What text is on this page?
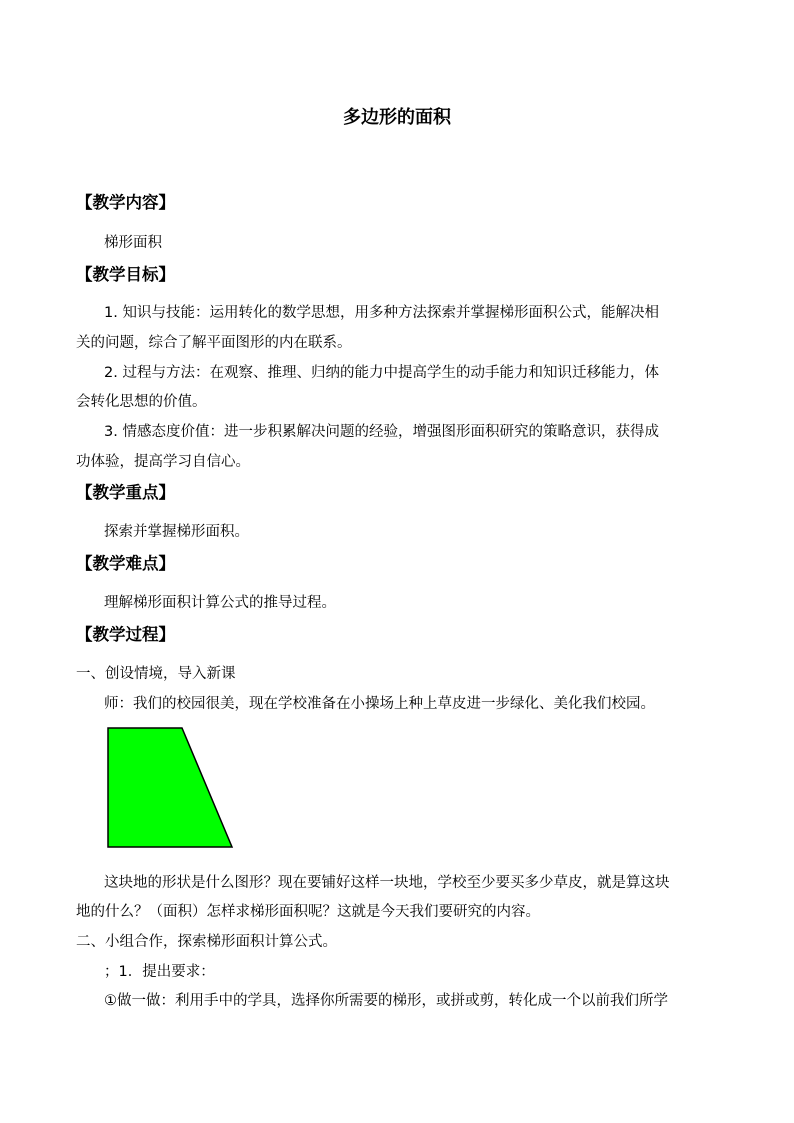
多边形的面积
【教学内容】
梯形面积
【教学目标】
1. 知识与技能：运用转化的数学思想，用多种方法探索并掌握梯形面积公式，能解决相
关的问题，综合了解平面图形的内在联系。
2. 过程与方法：在观察、推理、归纳的能力中提高学生的动手能力和知识迁移能力，体
会转化思想的价值。
3. 情感态度价值：进一步积累解决问题的经验，增强图形面积研究的策略意识，获得成
功体验，提高学习自信心。
【教学重点】
探索并掌握梯形面积。
【教学难点】
理解梯形面积计算公式的推导过程。
【教学过程】
一、创设情境，导入新课
师：我们的校园很美，现在学校准备在小操场上种上草皮进一步绿化、美化我们校园。
这块地的形状是什么图形？现在要铺好这样一块地，学校至少要买多少草皮，就是算这块
地的什么？（面积）怎样求梯形面积呢？这就是今天我们要研究的内容。
二、小组合作，探索梯形面积计算公式。
；1．提出要求：
①做一做：利用手中的学具，选择你所需要的梯形，或拼或剪，转化成一个以前我们所学
